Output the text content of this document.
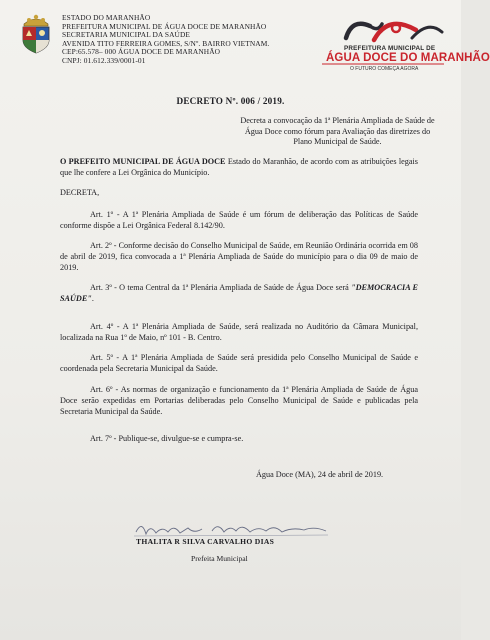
ESTADO DO MARANHÃO
PREFEITURA MUNICIPAL DE ÁGUA DOCE DE MARANHÃO
SECRETARIA MUNICIPAL DA SAÚDE
AVENIDA TITO FERREIRA GOMES, S/Nº. BAIRRO VIETNAM.
CEP:65.578– 000 ÁGUA DOCE DE MARANHÃO
CNPJ: 01.612.339/0001-01
PREFEITURA MUNICIPAL DE
ÁGUA DOCE DO MARANHÃO
O FUTURO COMEÇA AGORA
DECRETO Nº. 006 / 2019.
Decreta a convocação da 1ª Plenária Ampliada de Saúde de Água Doce como fórum para Avaliação das diretrizes do Plano Municipal de Saúde.
O PREFEITO MUNICIPAL DE ÁGUA DOCE Estado do Maranhão, de acordo com as atribuições legais que lhe confere a Lei Orgânica do Município.
DECRETA,
Art. 1º - A 1ª Plenária Ampliada de Saúde é um fórum de deliberação das Políticas de Saúde conforme dispõe a Lei Orgânica Federal 8.142/90.
Art. 2º - Conforme decisão do Conselho Municipal de Saúde, em Reunião Ordinária ocorrida em 08 de abril de 2019, fica convocada a 1ª Plenária Ampliada de Saúde do município para o dia 09 de maio de 2019.
Art. 3º - O tema Central da 1ª Plenária Ampliada de Saúde de Água Doce será "DEMOCRACIA E SAÚDE".
Art. 4º - A 1ª Plenária Ampliada de Saúde, será realizada no Auditório da Câmara Municipal, localizada na Rua 1º de Maio, nº 101 - B. Centro.
Art. 5º - A 1ª Plenária Ampliada de Saúde será presidida pelo Conselho Municipal de Saúde e coordenada pela Secretaria Municipal da Saúde.
Art. 6º - As normas de organização e funcionamento da 1ª Plenária Ampliada de Saúde de Água Doce serão expedidas em Portarias deliberadas pelo Conselho Municipal de Saúde e publicadas pela Secretaria Municipal da Saúde.
Art. 7º - Publique-se, divulgue-se e cumpra-se.
Água Doce (MA), 24 de abril de 2019.
THALITA R SILVA CARVALHO DIAS
Prefeita Municipal
